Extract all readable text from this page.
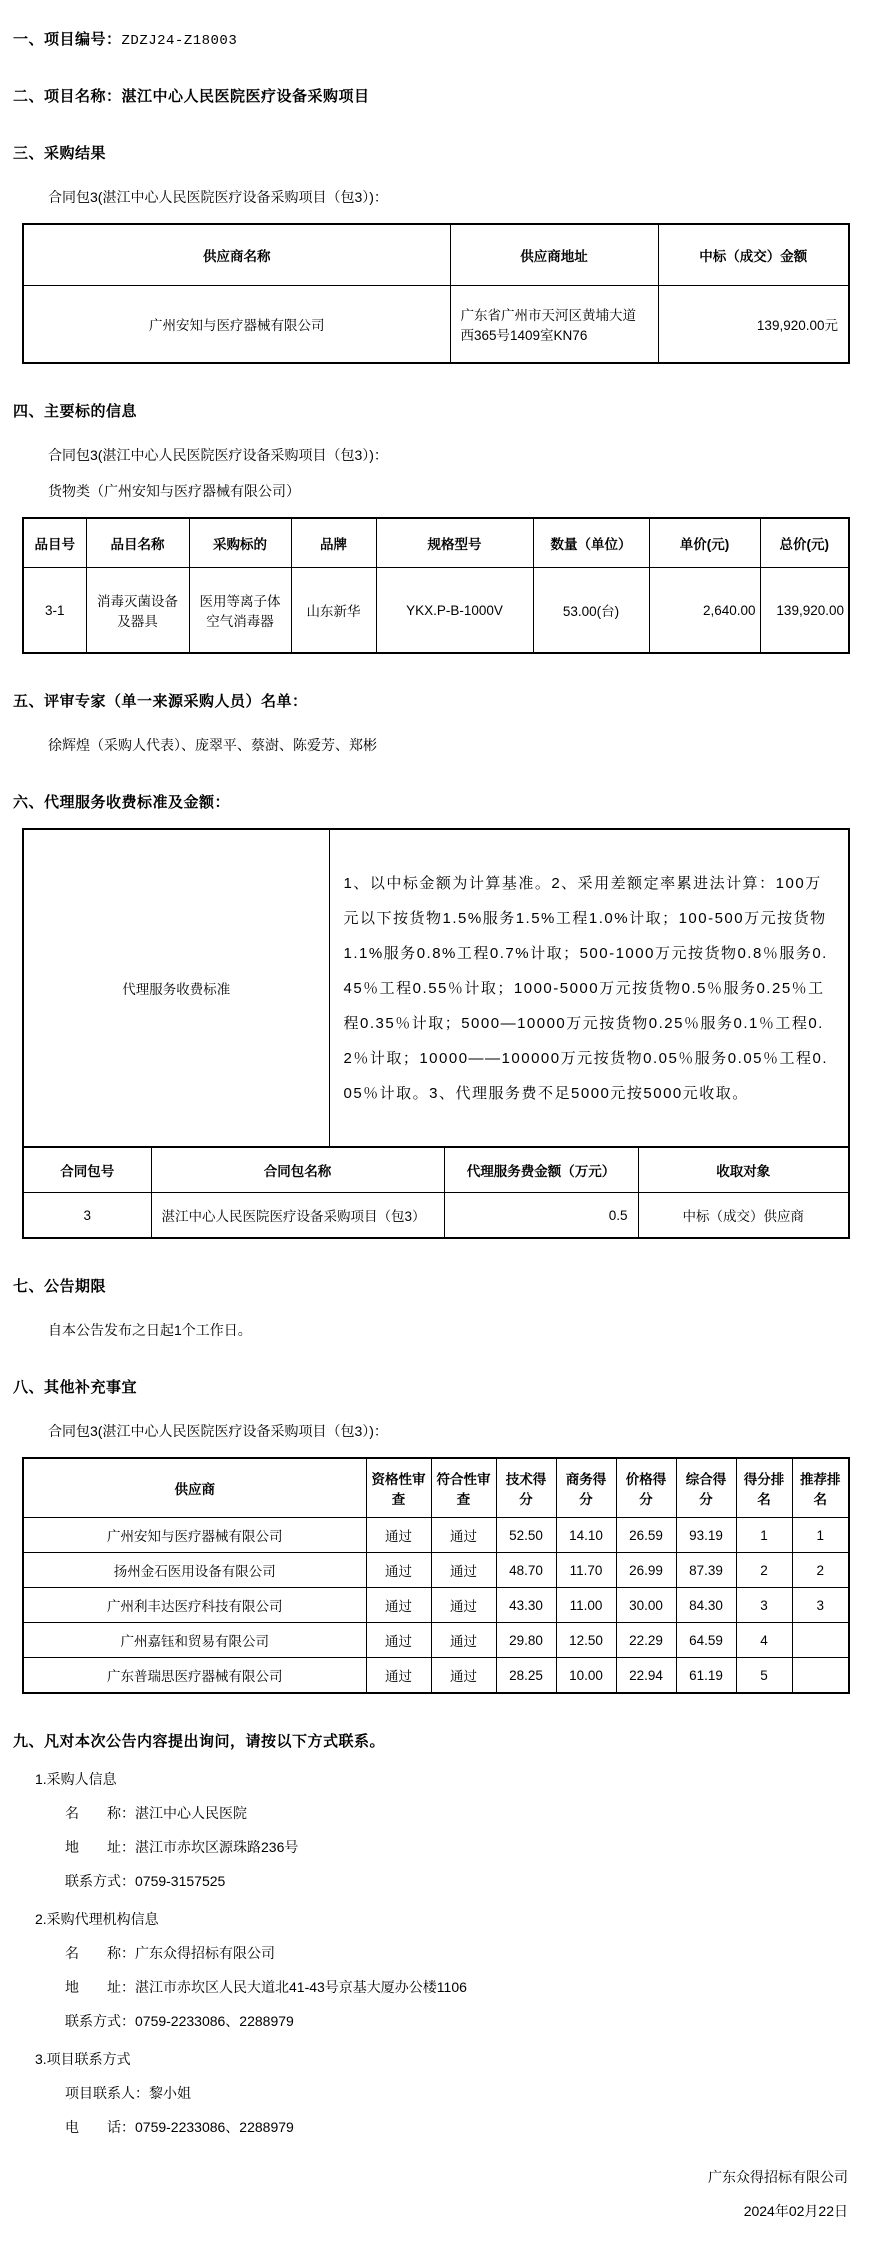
一、项目编号：ZDZJ24-Z18003

二、项目名称：湛江中心人民医院医疗设备采购项目

三、采购结果

合同包3(湛江中心人民医院医疗设备采购项目（包3）)：

供应商名称	供应商地址	中标（成交）金额
广州安知与医疗器械有限公司	广东省广州市天河区黄埔大道西365号1409室KN76	139,920.00元

四、主要标的信息

合同包3(湛江中心人民医院医疗设备采购项目（包3）)：

货物类（广州安知与医疗器械有限公司）

品目号	品目名称	采购标的	品牌	规格型号	数量（单位）	单价(元)	总价(元)
3-1	消毒灭菌设备及器具	医用等离子体空气消毒器	山东新华	YKX.P-B-1000V	53.00(台)	2,640.00	139,920.00

五、评审专家（单一来源采购人员）名单：

徐辉煌（采购人代表）、庞翠平、蔡澍、陈爱芳、郑彬

六、代理服务收费标准及金额：

代理服务收费标准	1、以中标金额为计算基准。2、采用差额定率累进法计算：100万元以下按货物1.5%服务1.5%工程1.0%计取；100-500万元按货物1.1%服务0.8%工程0.7%计取；500-1000万元按货物0.8％服务0.45％工程0.55％计取；1000-5000万元按货物0.5％服务0.25％工程0.35％计取；5000—10000万元按货物0.25％服务0.1％工程0.2％计取；10000——100000万元按货物0.05％服务0.05％工程0.05％计取。3、代理服务费不足5000元按5000元收取。
合同包号	合同包名称	代理服务费金额（万元）	收取对象
3	湛江中心人民医院医疗设备采购项目（包3）	0.5	中标（成交）供应商

七、公告期限

自本公告发布之日起1个工作日。

八、其他补充事宜

合同包3(湛江中心人民医院医疗设备采购项目（包3）)：

供应商	资格性审查	符合性审查	技术得分	商务得分	价格得分	综合得分	得分排名	推荐排名
广州安知与医疗器械有限公司	通过	通过	52.50	14.10	26.59	93.19	1	1
扬州金石医用设备有限公司	通过	通过	48.70	11.70	26.99	87.39	2	2
广州利丰达医疗科技有限公司	通过	通过	43.30	11.00	30.00	84.30	3	3
广州嘉钰和贸易有限公司	通过	通过	29.80	12.50	22.29	64.59	4	
广东普瑞思医疗器械有限公司	通过	通过	28.25	10.00	22.94	61.19	5	

九、凡对本次公告内容提出询问，请按以下方式联系。

1.采购人信息

名　　称：湛江中心人民医院

地　　址：湛江市赤坎区源珠路236号

联系方式：0759-3157525

2.采购代理机构信息

名　　称：广东众得招标有限公司

地　　址：湛江市赤坎区人民大道北41-43号京基大厦办公楼1106

联系方式：0759-2233086、2288979

3.项目联系方式

项目联系人：黎小姐

电　　话：0759-2233086、2288979

广东众得招标有限公司
2024年02月22日
